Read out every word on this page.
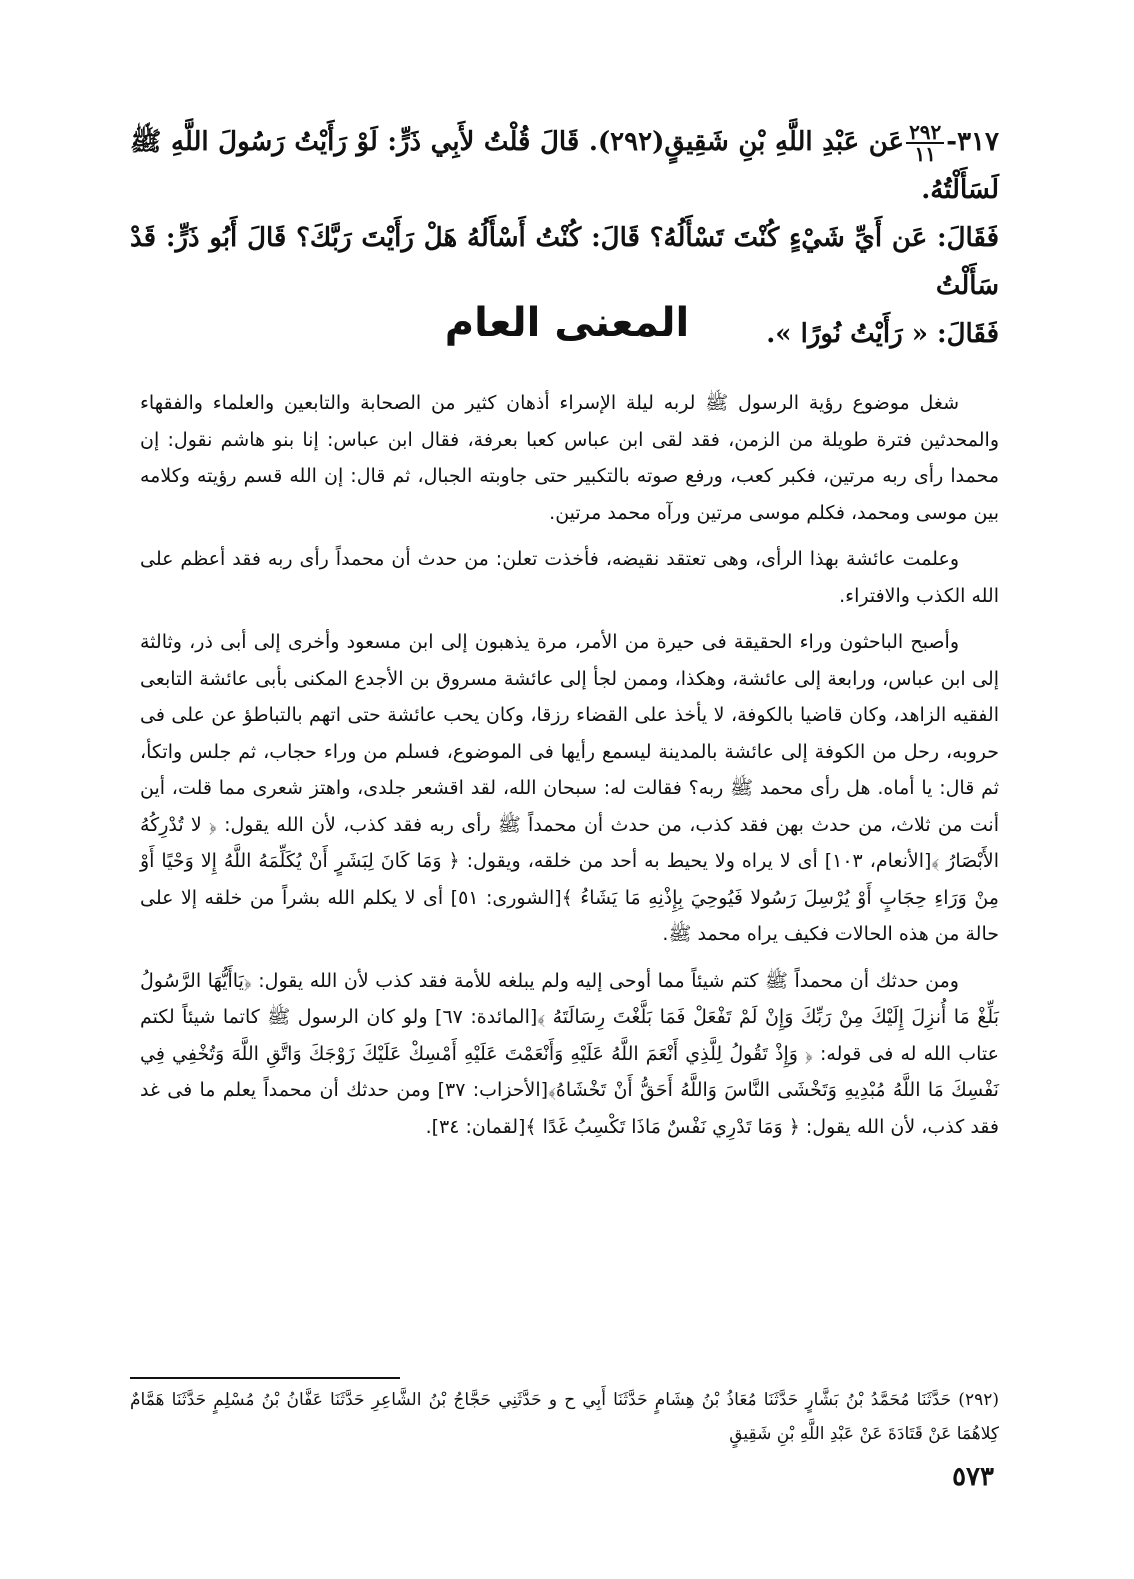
٣١٧-
$\frac{٢٩٢}{١١}$
عَن عَبْدِ اللَّهِ بْنِ شَقِيقٍ(٢٩٢). قَالَ قُلْتُ لأَبِي ذَرٍّ: لَوْ رَأَيْتُ رَسُولَ اللَّهِ ﷺ لَسَأَلْتُهُ.
فَقَالَ: عَن أَيِّ شَيْءٍ كُنْتَ تَسْأَلُهُ؟ قَالَ: كُنْتُ أَسْأَلُهُ هَلْ رَأَيْتَ رَبَّكَ؟ قَالَ أَبُو ذَرٍّ: قَدْ سَأَلْتُ
فَقَالَ: « رَأَيْتُ نُورًا ».
المعنى العام

شغل موضوع رؤية الرسول ﷺ لربه ليلة الإسراء أذهان كثير من الصحابة والتابعين والعلماء والفقهاء والمحدثين فترة طويلة من الزمن، فقد لقى ابن عباس كعبا بعرفة، فقال ابن عباس: إنا بنو هاشم نقول: إن محمدا رأى ربه مرتين، فكبر كعب، ورفع صوته بالتكبير حتى جاوبته الجبال، ثم قال: إن الله قسم رؤيته وكلامه بين موسى ومحمد، فكلم موسى مرتين ورآه محمد مرتين.

وعلمت عائشة بهذا الرأى، وهى تعتقد نقيضه، فأخذت تعلن: من حدث أن محمداً رأى ربه فقد أعظم على الله الكذب والافتراء.

وأصبح الباحثون وراء الحقيقة فى حيرة من الأمر، مرة يذهبون إلى ابن مسعود وأخرى إلى أبى ذر، وثالثة إلى ابن عباس، ورابعة إلى عائشة، وهكذا، وممن لجأ إلى عائشة مسروق بن الأجدع المكنى بأبى عائشة التابعى الفقيه الزاهد، وكان قاضيا بالكوفة، لا يأخذ على القضاء رزقا، وكان يحب عائشة حتى اتهم بالتباطؤ عن على فى حروبه، رحل من الكوفة إلى عائشة بالمدينة ليسمع رأيها فى الموضوع، فسلم من وراء حجاب، ثم جلس واتكأ، ثم قال: يا أماه. هل رأى محمد ﷺ ربه؟ فقالت له: سبحان الله، لقد اقشعر جلدى، واهتز شعرى مما قلت، أين أنت من ثلاث، من حدث بهن فقد كذب، من حدث أن محمداً ﷺ رأى ربه فقد كذب، لأن الله يقول: ﴿ لا تُدْرِكُهُ الأَبْصَارُ ﴾[الأنعام، ١٠٣] أى لا يراه ولا يحيط به أحد من خلقه، ويقول: ﴿ وَمَا كَانَ لِبَشَرٍ أَنْ يُكَلِّمَهُ اللَّهُ إِلا وَحْيًا أَوْ مِنْ وَرَاءِ حِجَابٍ أَوْ يُرْسِلَ رَسُولا فَيُوحِيَ بِإِذْنِهِ مَا يَشَاءُ ﴾[الشورى: ٥١] أى لا يكلم الله بشراً من خلقه إلا على حالة من هذه الحالات فكيف يراه محمد ﷺ.

ومن حدثك أن محمداً ﷺ كتم شيئاً مما أوحى إليه ولم يبلغه للأمة فقد كذب لأن الله يقول: ﴿يَاأَيُّهَا الرَّسُولُ بَلِّغْ مَا أُنزِلَ إِلَيْكَ مِنْ رَبِّكَ وَإِنْ لَمْ تَفْعَلْ فَمَا بَلَّغْتَ رِسَالَتَهُ ﴾[المائدة: ٦٧] ولو كان الرسول ﷺ كاتما شيئاً لكتم عتاب الله له فى قوله: ﴿ وَإِذْ تَقُولُ لِلَّذِي أَنْعَمَ اللَّهُ عَلَيْهِ وَأَنْعَمْتَ عَلَيْهِ أَمْسِكْ عَلَيْكَ زَوْجَكَ وَاتَّقِ اللَّهَ وَتُخْفِي فِي نَفْسِكَ مَا اللَّهُ مُبْدِيهِ وَتَخْشَى النَّاسَ وَاللَّهُ أَحَقُّ أَنْ تَخْشَاهُ﴾[الأحزاب: ٣٧] ومن حدثك أن محمداً يعلم ما فى غد فقد كذب، لأن الله يقول: ﴿ وَمَا تَدْرِي نَفْسٌ مَاذَا تَكْسِبُ غَدًا ﴾[لقمان: ٣٤].

(٢٩٢) حَدَّثَنَا مُحَمَّدُ بْنُ بَشَّارٍ حَدَّثَنَا مُعَاذُ بْنُ هِشَامٍ حَدَّثَنَا أَبِي ح و حَدَّثَنِي حَجَّاجُ بْنُ الشَّاعِرِ حَدَّثَنَا عَفَّانُ بْنُ مُسْلِمٍ حَدَّثَنَا هَمَّامٌ كِلاهُمَا عَنْ قَتَادَةَ عَنْ عَبْدِ اللَّهِ بْنِ شَقِيقٍ
٥٧٣
